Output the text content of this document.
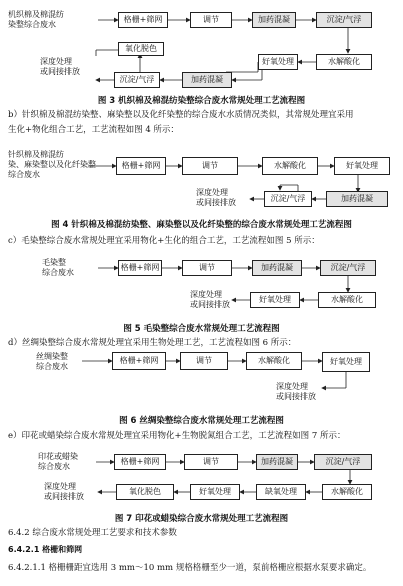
机织棉及棉混纺
染整综合废水
格栅+筛网	调节	加药混凝	沉淀/气浮
氧化脱色
好氧处理	水解酸化
沉淀/气浮	加药混凝
深度处理
或间接排放
图 3 机织棉及棉混纺染整综合废水常规处理工艺流程图
b）针织棉及棉混纺染整、麻染整以及化纤染整的综合废水水质情况类似，其常规处理宜采用
生化+物化组合工艺，工艺流程如图 4 所示：
针织棉及棉混纺
染、麻染整以及化纤染整
综合废水
格栅+筛网	调节	水解酸化	好氧处理
沉淀/气浮	加药混凝
深度处理
或间接排放
图 4 针织棉及棉混纺染整、麻染整以及化纤染整的综合废水常规处理工艺流程图
c）毛染整综合废水常规处理宜采用物化+生化的组合工艺，工艺流程如图 5 所示：
毛染整
综合废水
格栅+筛网	调节	加药混凝	沉淀/气浮
好氧处理	水解酸化
深度处理
或间接排放
图 5 毛染整综合废水常规处理工艺流程图
d）丝绸染整综合废水常规处理宜采用生物处理工艺，工艺流程如图 6 所示：
丝绸染整
综合废水
格栅+筛网	调节	水解酸化	好氧处理
深度处理
或间接排放
图 6 丝绸染整综合废水常规处理工艺流程图
e）印花或蜡染综合废水常规处理宜采用物化+生物脱氮组合工艺，工艺流程如图 7 所示：
印花或蜡染
综合废水
格栅+筛网	调节	加药混凝	沉淀/气浮
氧化脱色	好氧处理	缺氧处理	水解酸化
深度处理
或间接排放
图 7 印花或蜡染综合废水常规处理工艺流程图
6.4.2 综合废水常规处理工艺要求和技术参数
6.4.2.1 格栅和筛网
6.4.2.1.1 格栅栅距宜选用 3 mm～10 mm 规格格栅至少一道，泵前格栅应根据水泵要求确定。
